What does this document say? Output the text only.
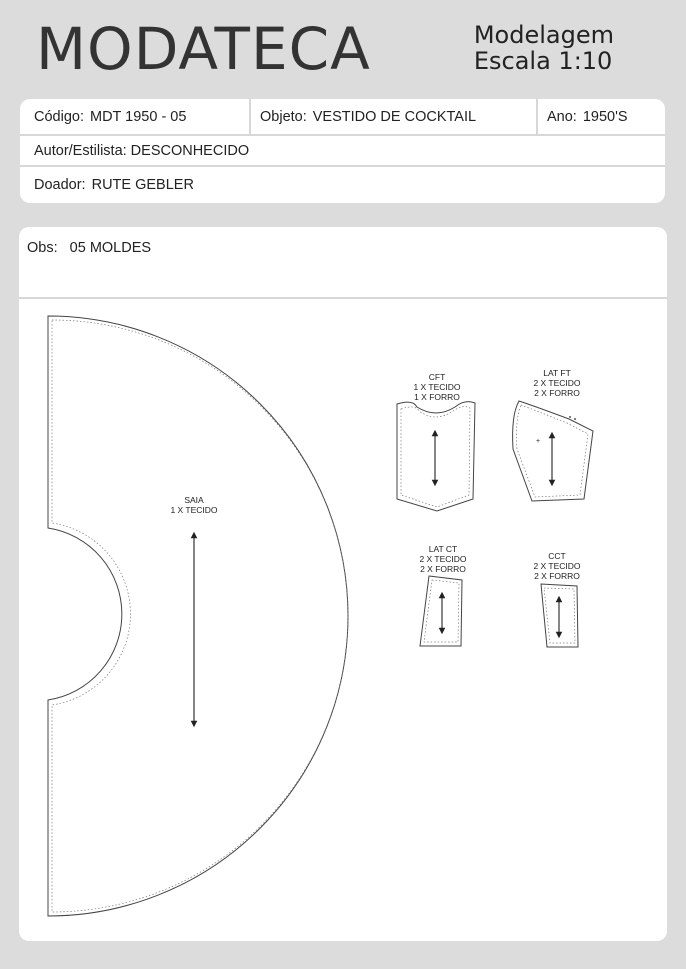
MODATECA	Modelagem
Escala 1:10
Código: MDT 1950 - 05	Objeto: VESTIDO DE COCKTAIL	Ano: 1950'S
Autor/Estilista: DESCONHECIDO
Doador: RUTE GEBLER
Obs: 05 MOLDES
SAIA
1 X TECIDO
CFT
1 X TECIDO
1 X FORRO
+
LAT FT
2 X TECIDO
2 X FORRO
LAT CT
2 X TECIDO
2 X FORRO
CCT
2 X TECIDO
2 X FORRO
